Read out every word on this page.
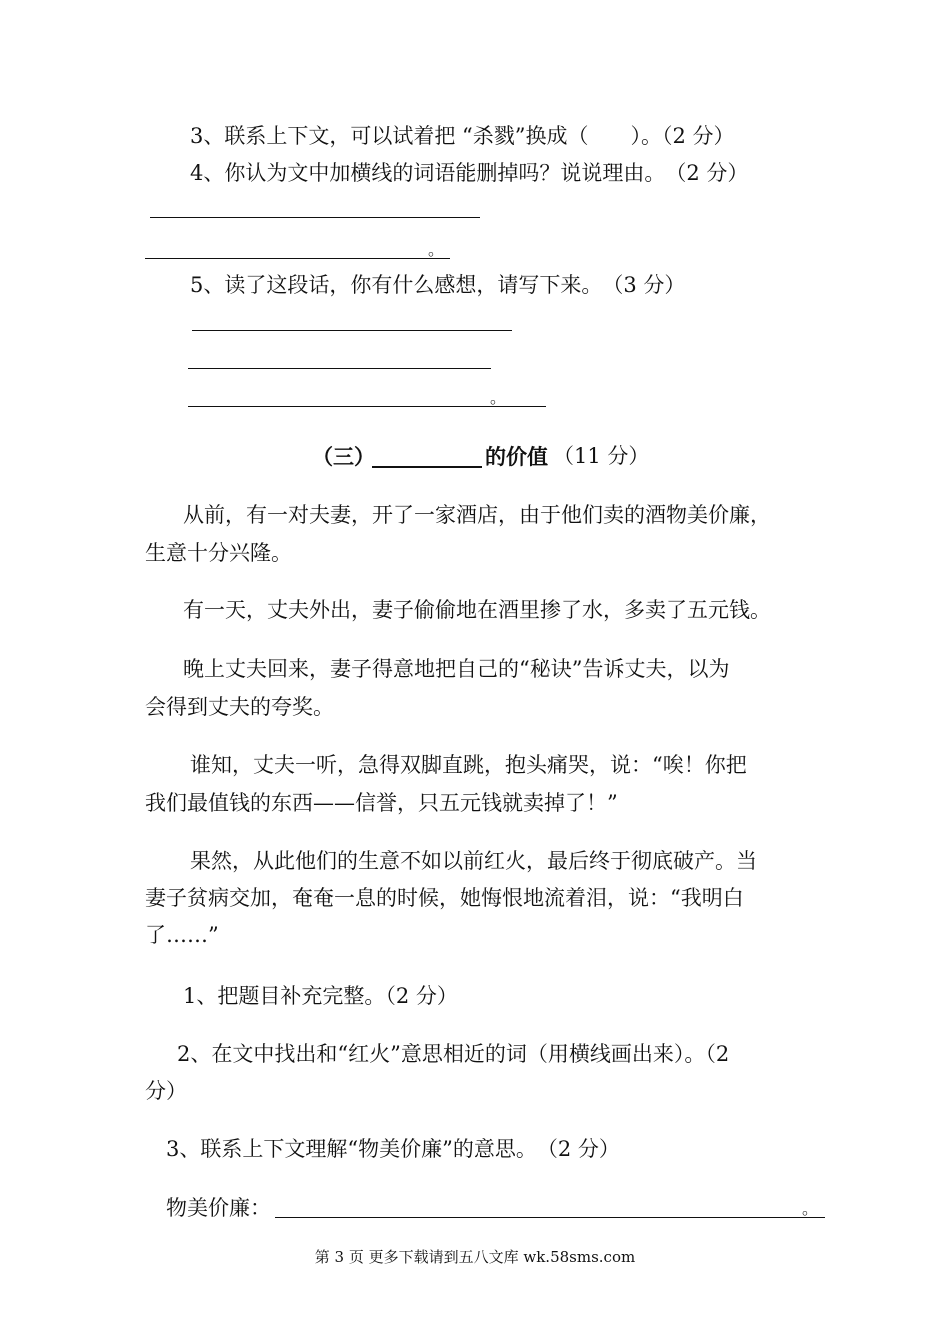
3、联系上下文，可以试着把 “杀戮”换成（　　）。（2 分）
4、你认为文中加横线的词语能删掉吗？说说理由。　（2 分）
。
5、读了这段话，你有什么感想，请写下来。　（3 分）
。
（三）	的价值 （11 分）
从前，有一对夫妻，开了一家酒店，由于他们卖的酒物美价廉，
生意十分兴隆。
有一天，丈夫外出，妻子偷偷地在酒里掺了水，多卖了五元钱。
晚上丈夫回来，妻子得意地把自己的“秘诀”告诉丈夫，以为
会得到丈夫的夸奖。
谁知，丈夫一听，急得双脚直跳，抱头痛哭，说：“唉！你把
我们最值钱的东西——信誉，只五元钱就卖掉了！”
果然，从此他们的生意不如以前红火，最后终于彻底破产。当
妻子贫病交加，奄奄一息的时候，她悔恨地流着泪，说：“我明白
了……”
1、把题目补充完整。（2 分）
2、在文中找出和“红火”意思相近的词（用横线画出来）。（2
分）
3、联系上下文理解“物美价廉”的意思。　（2 分）
物美价廉：	。
第 3 页 更多下载请到五八文库 wk.58sms.com
